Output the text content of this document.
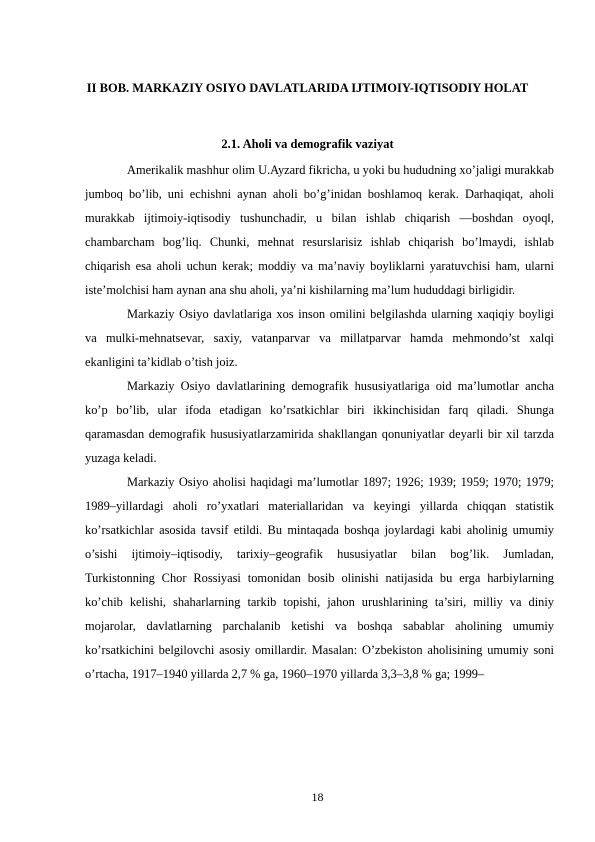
II BOB. MARKAZIY OSIYO DAVLATLARIDA IJTIMOIY-IQTISODIY HOLAT
2.1. Aholi va demografik vaziyat

Amerikalik mashhur olim U.Ayzard fikricha, u yoki bu hududning xo’jaligi murakkab jumboq bo’lib, uni echishni aynan aholi bo’g’inidan boshlamoq kerak. Darhaqiqat, aholi murakkab ijtimoiy-iqtisodiy tushunchadir, u bilan ishlab chiqarish ―boshdan oyoq‖, chambarcham bog’liq. Chunki, mehnat resurslarisiz ishlab chiqarish bo’lmaydi, ishlab chiqarish esa aholi uchun kerak; moddiy va ma’naviy boyliklarni yaratuvchisi ham, ularni iste’molchisi ham aynan ana shu aholi, ya’ni kishilarning ma’lum hududdagi birligidir.

Markaziy Osiyo davlatlariga xos inson omilini belgilashda ularning xaqiqiy boyligi va mulki-mehnatsevar, saxiy, vatanparvar va millatparvar hamda mehmondo’st xalqi ekanligini ta’kidlab o’tish joiz.

Markaziy Osiyo davlatlarining demografik hususiyatlariga oid ma’lumotlar ancha ko’p bo’lib, ular ifoda etadigan ko’rsatkichlar biri ikkinchisidan farq qiladi. Shunga qaramasdan demografik hususiyatlarzamirida shakllangan qonuniyatlar deyarli bir xil tarzda yuzaga keladi.

Markaziy Osiyo aholisi haqidagi ma’lumotlar 1897; 1926; 1939; 1959; 1970; 1979; 1989–yillardagi aholi ro’yxatlari materiallaridan va keyingi yillarda chiqqan statistik ko’rsatkichlar asosida tavsif etildi. Bu mintaqada boshqa joylardagi kabi aholinig umumiy o’sishi ijtimoiy–iqtisodiy, tarixiy–geografik hususiyatlar bilan bog’lik. Jumladan, Turkistonning Chor Rossiyasi tomonidan bosib olinishi natijasida bu erga harbiylarning ko’chib kelishi, shaharlarning tarkib topishi, jahon urushlarining ta’siri, milliy va diniy mojarolar, davlatlarning parchalanib ketishi va boshqa sabablar aholining umumiy ko’rsatkichini belgilovchi asosiy omillardir. Masalan: O’zbekiston aholisining umumiy soni o’rtacha, 1917–1940 yillarda 2,7 % ga, 1960–1970 yillarda 3,3–3,8 % ga; 1999–

18
